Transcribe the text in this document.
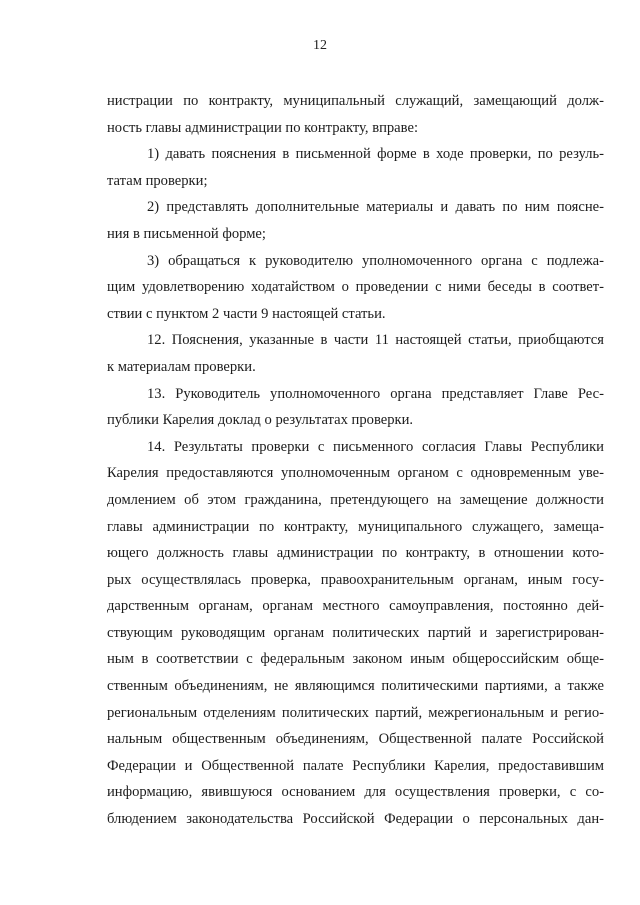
12
нистрации по контракту, муниципальный служащий, замещающий долж-
ность главы администрации по контракту, вправе:
1) давать пояснения в письменной форме в ходе проверки, по резуль-
татам проверки;
2) представлять дополнительные материалы и давать по ним поясне-
ния в письменной форме;
3) обращаться к руководителю уполномоченного органа с подлежа-
щим удовлетворению ходатайством о проведении с ними беседы в соответ-
ствии с пунктом 2 части 9 настоящей статьи.
12. Пояснения, указанные в части 11 настоящей статьи, приобщаются
к материалам проверки.
13. Руководитель уполномоченного органа представляет Главе Рес-
публики Карелия доклад о результатах проверки.
14. Результаты проверки с письменного согласия Главы Республики
Карелия предоставляются уполномоченным органом с одновременным уве-
домлением об этом гражданина, претендующего на замещение должности
главы администрации по контракту, муниципального служащего, замеща-
ющего должность главы администрации по контракту, в отношении кото-
рых осуществлялась проверка, правоохранительным органам, иным госу-
дарственным органам, органам местного самоуправления, постоянно дей-
ствующим руководящим органам политических партий и зарегистрирован-
ным в соответствии с федеральным законом иным общероссийским обще-
ственным объединениям, не являющимся политическими партиями, а также
региональным отделениям политических партий, межрегиональным и регио-
нальным общественным объединениям, Общественной палате Российской
Федерации и Общественной палате Республики Карелия, предоставившим
информацию, явившуюся основанием для осуществления проверки, с со-
блюдением законодательства Российской Федерации о персональных дан-
